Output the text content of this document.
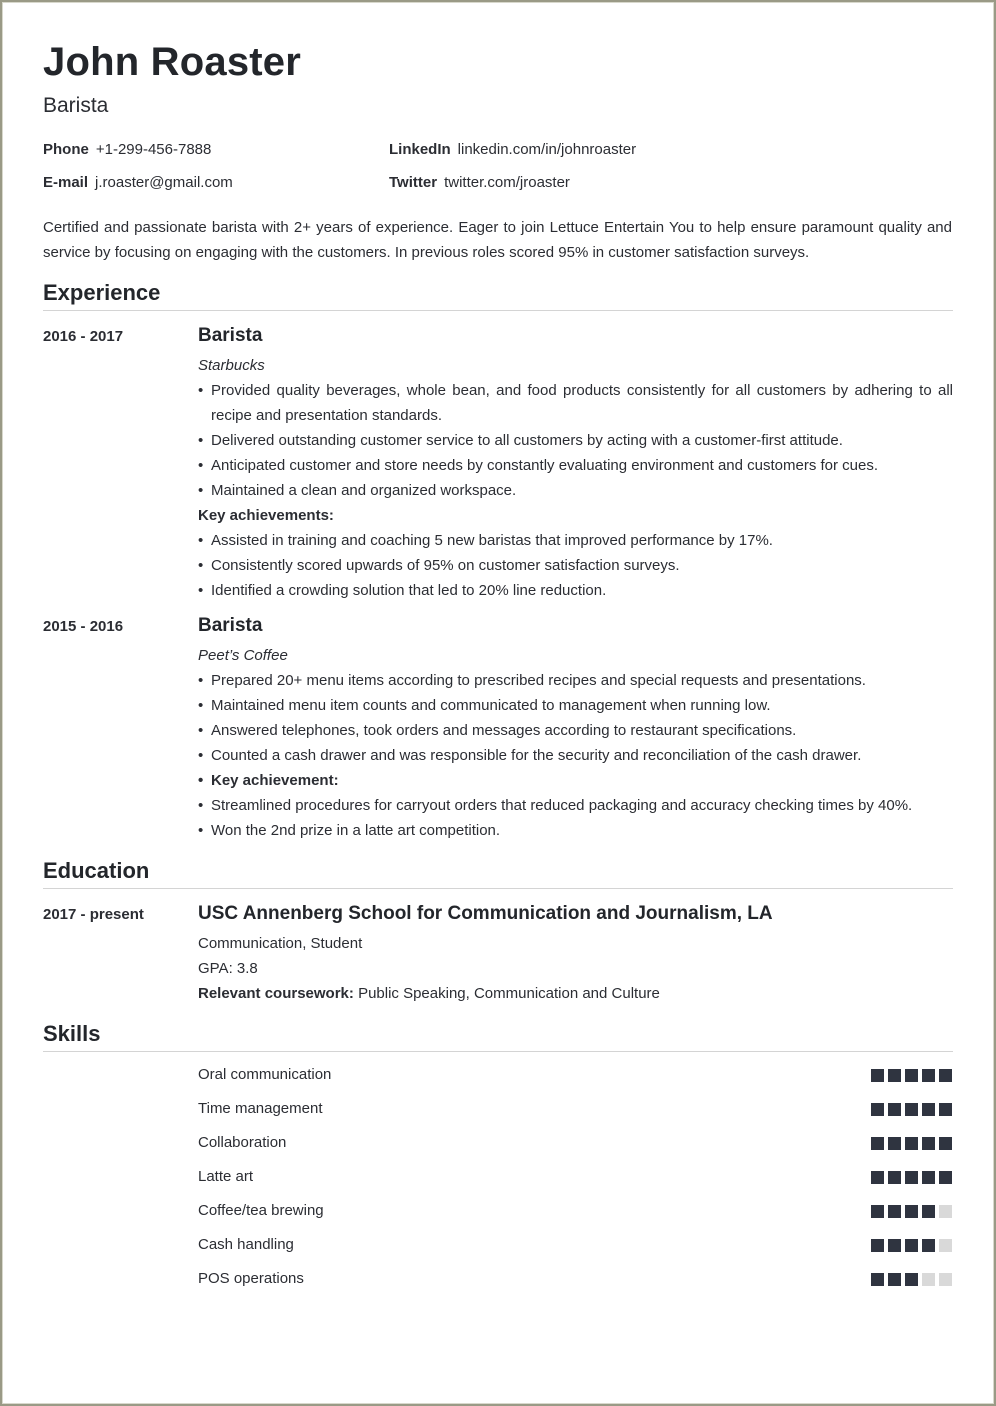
John Roaster
Barista
Phone +1-299-456-7888	LinkedIn linkedin.com/in/johnroaster
E-mail j.roaster@gmail.com	Twitter twitter.com/jroaster
Certified and passionate barista with 2+ years of experience. Eager to join Lettuce Entertain You to help ensure paramount quality and service by focusing on engaging with the customers. In previous roles scored 95% in customer satisfaction surveys.
Experience
2016 - 2017	Barista
Starbucks
• Provided quality beverages, whole bean, and food products consistently for all customers by adhering to all recipe and presentation standards.
• Delivered outstanding customer service to all customers by acting with a customer-first attitude.
• Anticipated customer and store needs by constantly evaluating environment and customers for cues.
• Maintained a clean and organized workspace.
Key achievements:
• Assisted in training and coaching 5 new baristas that improved performance by 17%.
• Consistently scored upwards of 95% on customer satisfaction surveys.
• Identified a crowding solution that led to 20% line reduction.
2015 - 2016	Barista
Peet’s Coffee
• Prepared 20+ menu items according to prescribed recipes and special requests and presentations.
• Maintained menu item counts and communicated to management when running low.
• Answered telephones, took orders and messages according to restaurant specifications.
• Counted a cash drawer and was responsible for the security and reconciliation of the cash drawer.
• Key achievement:
• Streamlined procedures for carryout orders that reduced packaging and accuracy checking times by 40%.
• Won the 2nd prize in a latte art competition.
Education
2017 - present	USC Annenberg School for Communication and Journalism, LA
Communication, Student
GPA: 3.8
Relevant coursework: Public Speaking, Communication and Culture
Skills
Oral communication
Time management
Collaboration
Latte art
Coffee/tea brewing
Cash handling
POS operations
